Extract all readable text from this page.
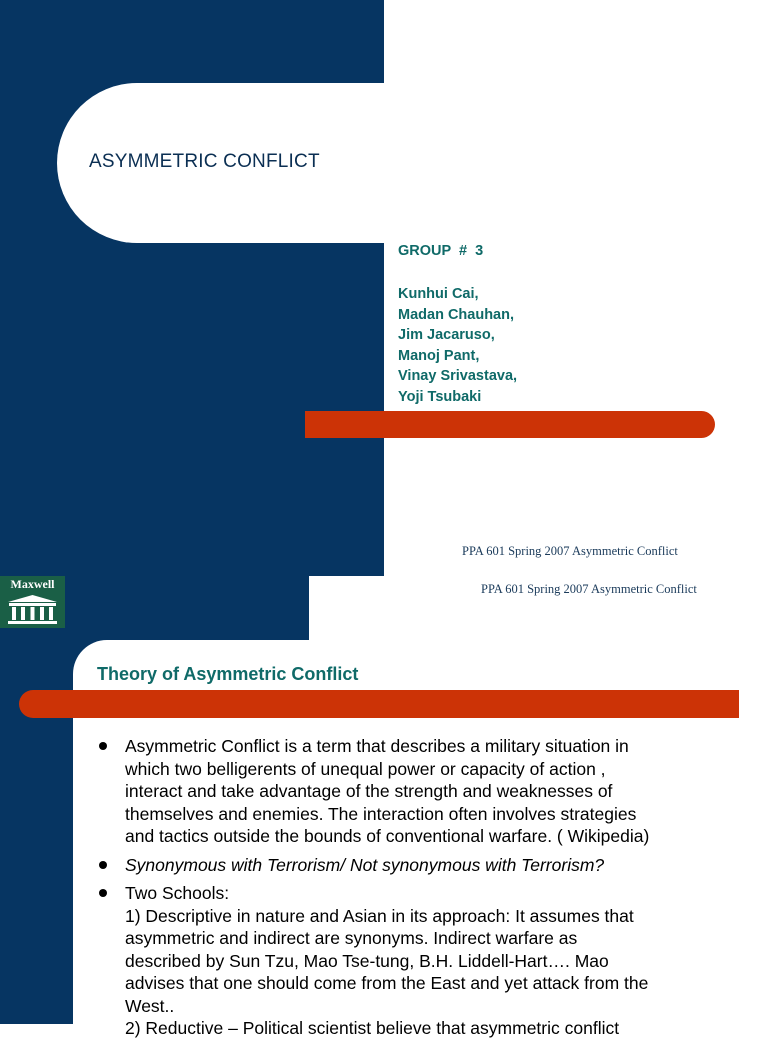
ASYMMETRIC CONFLICT
GROUP  #  3
Kunhui Cai,
Madan Chauhan,
Jim Jacaruso,
Manoj Pant,
Vinay Srivastava,
Yoji Tsubaki
PPA 601 Spring 2007 Asymmetric Conflict
Maxwell	PPA 601 Spring 2007 Asymmetric Conflict
Theory of Asymmetric Conflict
Asymmetric Conflict is a term that describes a military situation in
which two belligerents of unequal power or capacity of action ,
interact and take advantage of the strength and weaknesses of
themselves and enemies. The interaction often involves strategies
and tactics outside the bounds of conventional warfare. ( Wikipedia)
Synonymous with Terrorism/ Not synonymous with Terrorism?
Two Schools:
1) Descriptive in nature and Asian in its approach: It assumes that
asymmetric and indirect are synonyms. Indirect warfare as
described by Sun Tzu, Mao Tse-tung, B.H. Liddell-Hart…. Mao
advises that one should come from the East and yet attack from the
West..
2) Reductive – Political scientist believe that asymmetric conflict
